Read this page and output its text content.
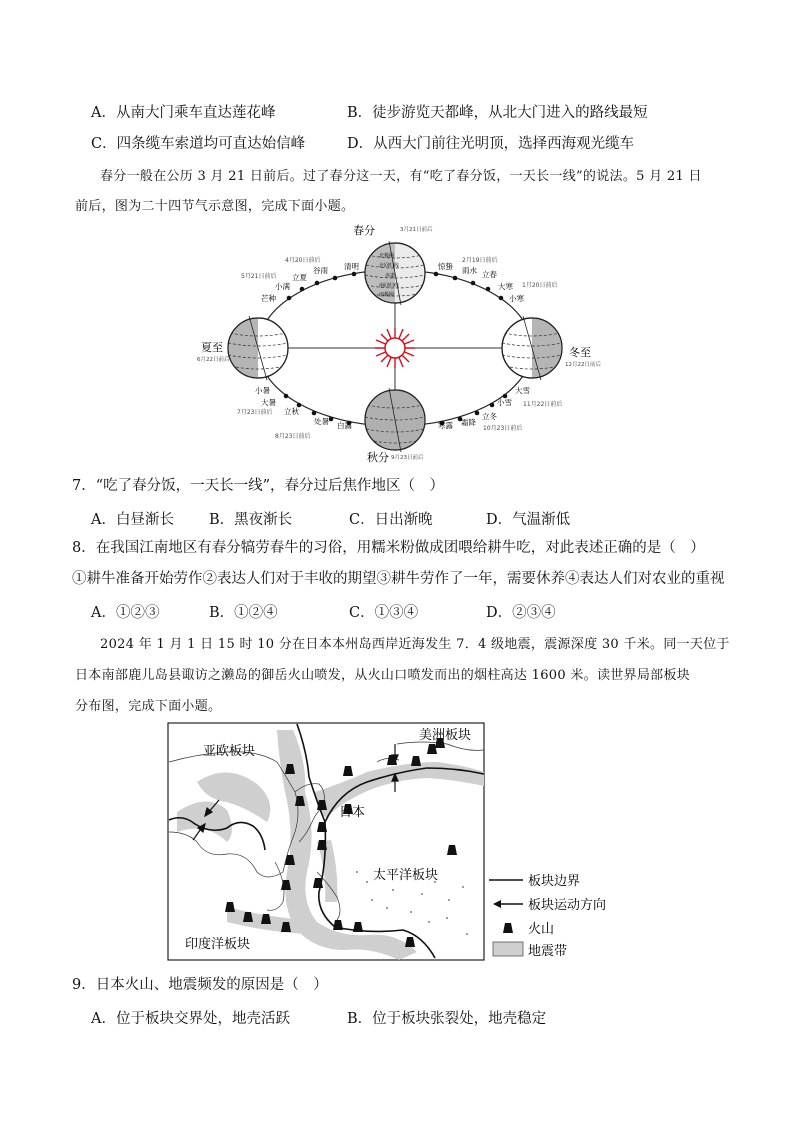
A．从南大门乘车直达莲花峰	B．徒步游览天都峰，从北大门进入的路线最短
C．四条缆车索道均可直达始信峰	D．从西大门前往光明顶，选择西海观光缆车
春分一般在公历 3 月 21 日前后。过了春分这一天，有“吃了春分饭，一天长一线”的说法。5 月 21 日
前后，图为二十四节气示意图，完成下面小题。
北极圈
北回归线
赤道
南回归线
南极圈
春分	3月21日前后
夏至
6月22日前后
冬至
12月22日前后
秋分 9月23日前后
清明
谷雨
立夏
小满
芒种
4月20日前后
5月21日前后
惊蛰 雨水 立春
大寒
小寒
2月19日前后
1月20日前后
小暑
大暑
立秋
处暑 白露
7月23日前后
8月23日前后
寒露 霜降
立冬
小雪
大雪
11月22日前后
10月23日前后
7．“吃了春分饭，一天长一线”，春分过后焦作地区（　）
A．白昼渐长 B．黑夜渐长	C．日出渐晚	D．气温渐低
8．在我国江南地区有春分犒劳春牛的习俗，用糯米粉做成团喂给耕牛吃，对此表述正确的是（　）
①耕牛准备开始劳作②表达人们对于丰收的期望③耕牛劳作了一年，需要休养④表达人们对农业的重视
A．①②③	B．①②④	C．①③④	D．②③④
2024 年 1 月 1 日 15 时 10 分在日本本州岛西岸近海发生 7．4 级地震，震源深度 30 千米。同一天位于
日本南部鹿儿岛县诹访之濑岛的御岳火山喷发，从火山口喷发而出的烟柱高达 1600 米。读世界局部板块
分布图，完成下面小题。
亚欧板块
美洲板块
日本
太平洋板块
印度洋板块
板块边界
板块运动方向
火山
地震带
9．日本火山、地震频发的原因是（　）
A．位于板块交界处，地壳活跃	B．位于板块张裂处，地壳稳定
